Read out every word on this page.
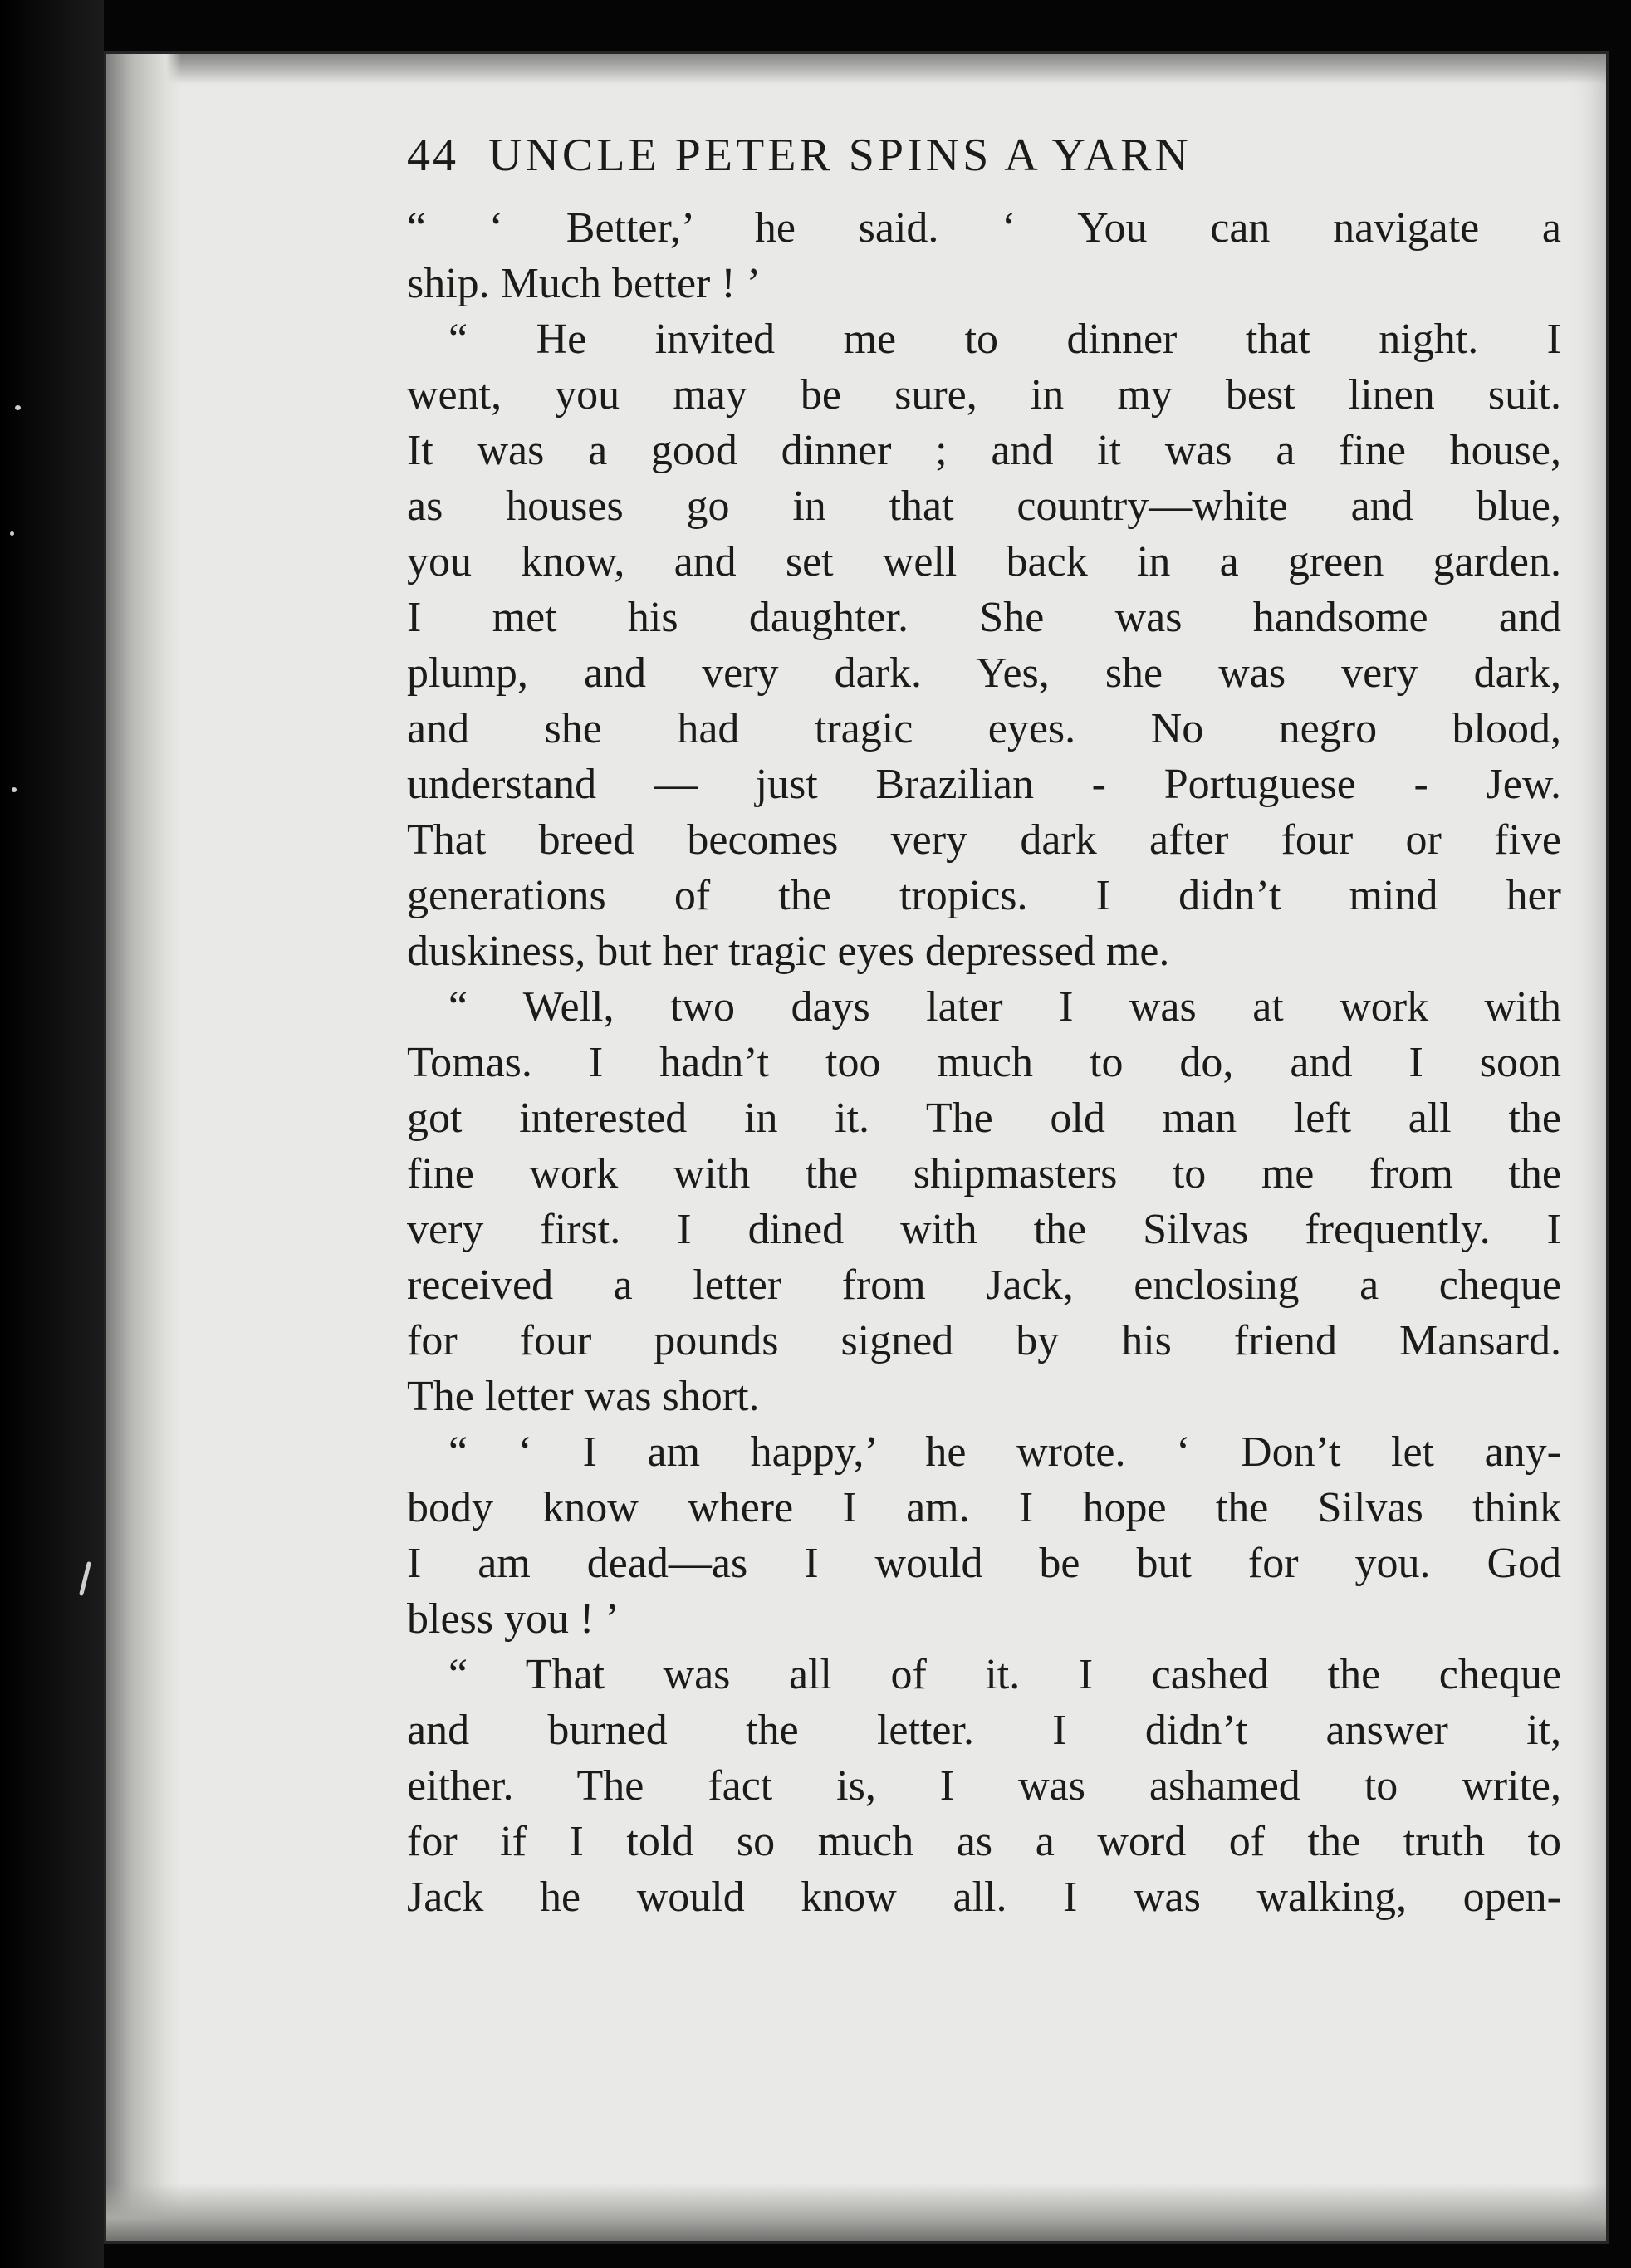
44 UNCLE PETER SPINS A YARN
“ ‘ Better,’ he said. ‘ You can navigate a
ship. Much better ! ’
“ He invited me to dinner that night. I
went, you may be sure, in my best linen suit.
It was a good dinner ; and it was a fine house,
as houses go in that country—white and blue,
you know, and set well back in a green garden.
I met his daughter. She was handsome and
plump, and very dark. Yes, she was very dark,
and she had tragic eyes. No negro blood,
understand — just Brazilian - Portuguese - Jew.
That breed becomes very dark after four or five
generations of the tropics. I didn’t mind her
duskiness, but her tragic eyes depressed me.
“ Well, two days later I was at work with
Tomas. I hadn’t too much to do, and I soon
got interested in it. The old man left all the
fine work with the shipmasters to me from the
very first. I dined with the Silvas frequently. I
received a letter from Jack, enclosing a cheque
for four pounds signed by his friend Mansard.
The letter was short.
“ ‘ I am happy,’ he wrote. ‘ Don’t let any-
body know where I am. I hope the Silvas think
I am dead—as I would be but for you. God
bless you ! ’
“ That was all of it. I cashed the cheque
and burned the letter. I didn’t answer it,
either. The fact is, I was ashamed to write,
for if I told so much as a word of the truth to
Jack he would know all. I was walking, open-
